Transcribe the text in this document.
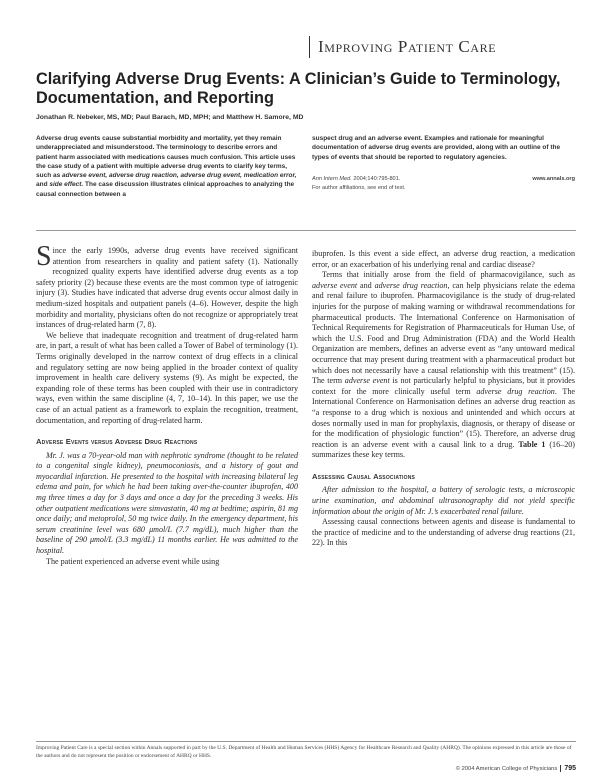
Improving Patient Care
Clarifying Adverse Drug Events: A Clinician’s Guide to Terminology, Documentation, and Reporting
Jonathan R. Nebeker, MS, MD; Paul Barach, MD, MPH; and Matthew H. Samore, MD
Adverse drug events cause substantial morbidity and mortality, yet they remain underappreciated and misunderstood. The terminology to describe errors and patient harm associated with medications causes much confusion. This article uses the case study of a patient with multiple adverse drug events to clarify key terms, such as adverse event, adverse drug reaction, adverse drug event, medication error, and side effect. The case discussion illustrates clinical approaches to analyzing the causal connection between a
suspect drug and an adverse event. Examples and rationale for meaningful documentation of adverse drug events are provided, along with an outline of the types of events that should be reported to regulatory agencies.
Ann Intern Med. 2004;140:795-801.	www.annals.org
For author affiliations, see end of text.

Since the early 1990s, adverse drug events have received significant attention from researchers in quality and patient safety (1). Nationally recognized quality experts have identified adverse drug events as a top safety priority (2) because these events are the most common type of iatrogenic injury (3). Studies have indicated that adverse drug events occur almost daily in medium-sized hospitals and outpatient panels (4–6). However, despite the high morbidity and mortality, physicians often do not recognize or appropriately treat instances of drug-related harm (7, 8).

We believe that inadequate recognition and treatment of drug-related harm are, in part, a result of what has been called a Tower of Babel of terminology (1). Terms originally developed in the narrow context of drug effects in a clinical and regulatory setting are now being applied in the broader context of quality improvement in health care delivery systems (9). As might be expected, the expanding role of these terms has been coupled with their use in contradictory ways, even within the same discipline (4, 7, 10–14). In this paper, we use the case of an actual patient as a framework to explain the recognition, treatment, documentation, and reporting of drug-related harm.

Adverse Events versus Adverse Drug Reactions

Mr. J. was a 70-year-old man with nephrotic syndrome (thought to be related to a congenital single kidney), pneumoconiosis, and a history of gout and myocardial infarction. He presented to the hospital with increasing bilateral leg edema and pain, for which he had been taking over-the-counter ibuprofen, 400 mg three times a day for 3 days and once a day for the preceding 3 weeks. His other outpatient medications were simvastatin, 40 mg at bedtime; aspirin, 81 mg once daily; and metoprolol, 50 mg twice daily. In the emergency department, his serum creatinine level was 680 μmol/L (7.7 mg/dL), much higher than the baseline of 290 μmol/L (3.3 mg/dL) 11 months earlier. He was admitted to the hospital.

The patient experienced an adverse event while using

ibuprofen. Is this event a side effect, an adverse drug reaction, a medication error, or an exacerbation of his underlying renal and cardiac disease?

Terms that initially arose from the field of pharmacovigilance, such as adverse event and adverse drug reaction, can help physicians relate the edema and renal failure to ibuprofen. Pharmacovigilance is the study of drug-related injuries for the purpose of making warning or withdrawal recommendations for pharmaceutical products. The International Conference on Harmonisation of Technical Requirements for Registration of Pharmaceuticals for Human Use, of which the U.S. Food and Drug Administration (FDA) and the World Health Organization are members, defines an adverse event as “any untoward medical occurrence that may present during treatment with a pharmaceutical product but which does not necessarily have a causal relationship with this treatment” (15). The term adverse event is not particularly helpful to physicians, but it provides context for the more clinically useful term adverse drug reaction. The International Conference on Harmonisation defines an adverse drug reaction as “a response to a drug which is noxious and unintended and which occurs at doses normally used in man for prophylaxis, diagnosis, or therapy of disease or for the modification of physiologic function” (15). Therefore, an adverse drug reaction is an adverse event with a causal link to a drug. Table 1 (16–20) summarizes these key terms.

Assessing Causal Associations

After admission to the hospital, a battery of serologic tests, a microscopic urine examination, and abdominal ultrasonography did not yield specific information about the origin of Mr. J.’s exacerbated renal failure.

Assessing causal connections between agents and disease is fundamental to the practice of medicine and to the understanding of adverse drug reactions (21, 22). In this

Improving Patient Care is a special section within Annals supported in part by the U.S. Department of Health and Human Services (HHS) Agency for Healthcare Research and Quality (AHRQ). The opinions expressed in this article are those of the authors and do not represent the position or endorsement of AHRQ or HHS.
© 2004 American College of Physicians 795
